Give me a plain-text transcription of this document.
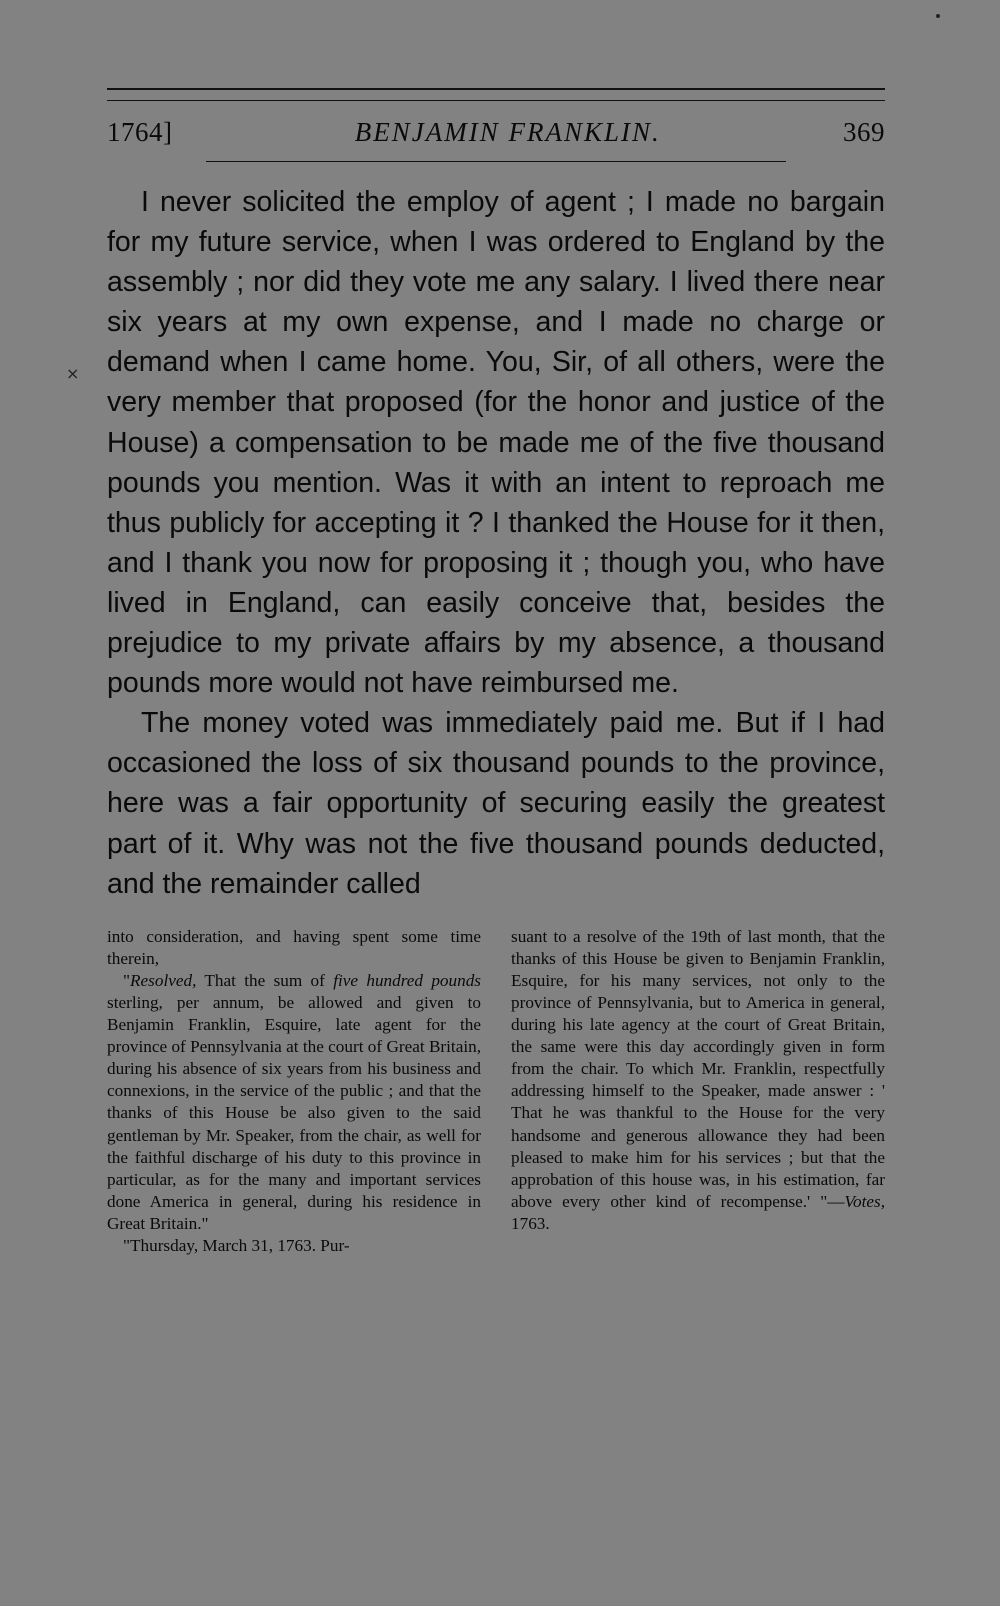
×
1764]	BENJAMIN FRANKLIN.	369

I never solicited the employ of agent ; I made no bargain for my future service, when I was ordered to England by the assembly ; nor did they vote me any salary. I lived there near six years at my own expense, and I made no charge or demand when I came home. You, Sir, of all others, were the very member that proposed (for the honor and justice of the House) a compensation to be made me of the five thousand pounds you mention. Was it with an intent to reproach me thus publicly for accepting it ? I thanked the House for it then, and I thank you now for proposing it ; though you, who have lived in England, can easily conceive that, besides the prejudice to my private affairs by my absence, a thousand pounds more would not have reimbursed me.

The money voted was immediately paid me. But if I had occasioned the loss of six thousand pounds to the province, here was a fair opportunity of securing easily the greatest part of it. Why was not the five thousand pounds deducted, and the remainder called

into consideration, and having spent some time therein,

"Resolved, That the sum of five hundred pounds sterling, per annum, be allowed and given to Benjamin Franklin, Esquire, late agent for the province of Pennsylvania at the court of Great Britain, during his absence of six years from his business and connexions, in the service of the public ; and that the thanks of this House be also given to the said gentleman by Mr. Speaker, from the chair, as well for the faithful discharge of his duty to this province in particular, as for the many and important services done America in general, during his residence in Great Britain."

"Thursday, March 31, 1763. Pur-

suant to a resolve of the 19th of last month, that the thanks of this House be given to Benjamin Franklin, Esquire, for his many services, not only to the province of Pennsylvania, but to America in general, during his late agency at the court of Great Britain, the same were this day accordingly given in form from the chair. To which Mr. Franklin, respectfully addressing himself to the Speaker, made answer : ' That he was thankful to the House for the very handsome and generous allowance they had been pleased to make him for his services ; but that the approbation of this house was, in his estimation, far above every other kind of recompense.' "—Votes, 1763.
